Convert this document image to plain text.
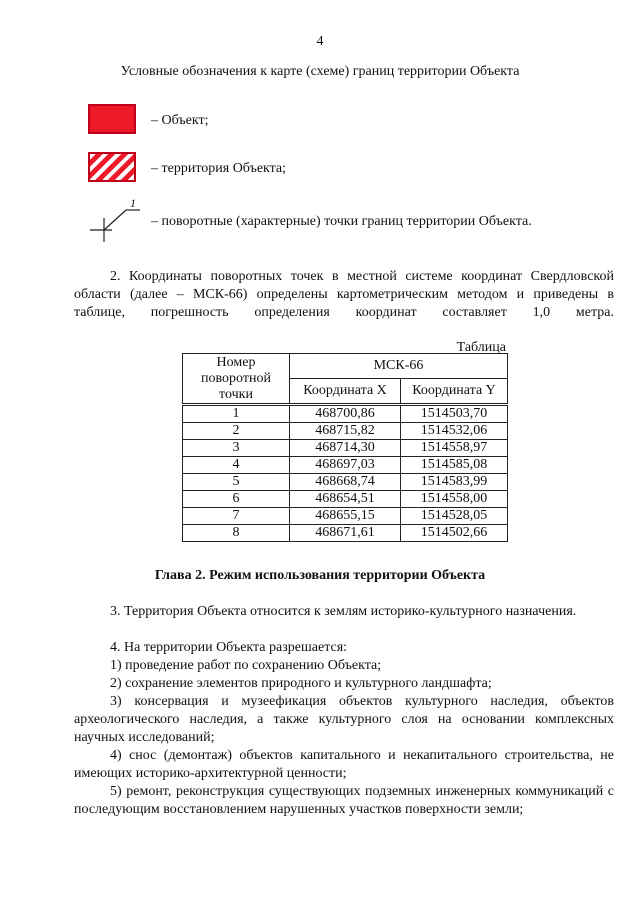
4
Условные обозначения к карте (схеме) границ территории Объекта
– Объект;
– территория Объекта;
1
– поворотные (характерные) точки границ территории Объекта.
2. Координаты поворотных точек в местной системе координат Свердловской области (далее – МСК-66) определены картометрическим методом и приведены в таблице, погрешность определения координат составляет 1,0 метра.
Таблица
Номер поворотной точки	МСК-66	
	Координата X	Координата Y
1	468700,86	1514503,70
2	468715,82	1514532,06
3	468714,30	1514558,97
4	468697,03	1514585,08
5	468668,74	1514583,99
6	468654,51	1514558,00
7	468655,15	1514528,05
8	468671,61	1514502,66
Глава 2. Режим использования территории Объекта
3. Территория Объекта относится к землям историко-культурного назначения.
4. На территории Объекта разрешается:
1) проведение работ по сохранению Объекта;
2) сохранение элементов природного и культурного ландшафта;
3) консервация и музеефикация объектов культурного наследия, объектов археологического наследия, а также культурного слоя на основании комплексных научных исследований;
4) снос (демонтаж) объектов капитального и некапитального строительства, не имеющих историко-архитектурной ценности;
5) ремонт, реконструкция существующих подземных инженерных коммуникаций с последующим восстановлением нарушенных участков поверхности земли;
